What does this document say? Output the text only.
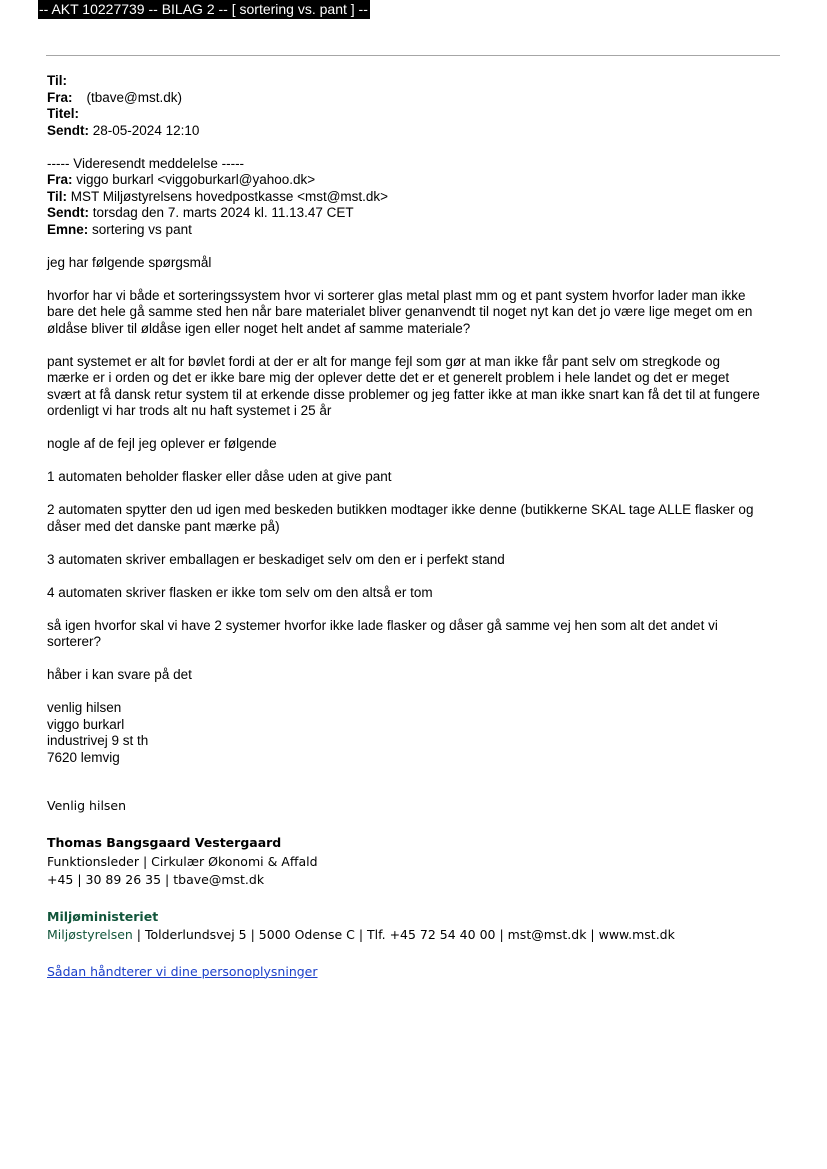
-- AKT 10227739 -- BILAG 2 -- [ sortering vs. pant ] --
Til:
Fra: (tbave@mst.dk)
Titel:
Sendt: 28-05-2024 12:10
----- Videresendt meddelelse -----
Fra: viggo burkarl <viggoburkarl@yahoo.dk>
Til: MST Miljøstyrelsens hovedpostkasse <mst@mst.dk>
Sendt: torsdag den 7. marts 2024 kl. 11.13.47 CET
Emne: sortering vs pant
jeg har følgende spørgsmål
hvorfor har vi både et sorteringssystem hvor vi sorterer glas metal plast mm og et pant system hvorfor lader man ikke
bare det hele gå samme sted hen når bare materialet bliver genanvendt til noget nyt kan det jo være lige meget om en
øldåse bliver til øldåse igen eller noget helt andet af samme materiale?
pant systemet er alt for bøvlet fordi at der er alt for mange fejl som gør at man ikke får pant selv om stregkode og
mærke er i orden og det er ikke bare mig der oplever dette det er et generelt problem i hele landet og det er meget
svært at få dansk retur system til at erkende disse problemer og jeg fatter ikke at man ikke snart kan få det til at fungere
ordenligt vi har trods alt nu haft systemet i 25 år
nogle af de fejl jeg oplever er følgende
1 automaten beholder flasker eller dåse uden at give pant
2 automaten spytter den ud igen med beskeden butikken modtager ikke denne (butikkerne SKAL tage ALLE flasker og
dåser med det danske pant mærke på)
3 automaten skriver emballagen er beskadiget selv om den er i perfekt stand
4 automaten skriver flasken er ikke tom selv om den altså er tom
så igen hvorfor skal vi have 2 systemer hvorfor ikke lade flasker og dåser gå samme vej hen som alt det andet vi
sorterer?
håber i kan svare på det
venlig hilsen
viggo burkarl
industrivej 9 st th
7620 lemvig
Venlig hilsen
Thomas Bangsgaard Vestergaard
Funktionsleder | Cirkulær Økonomi & Affald
+45 | 30 89 26 35 | tbave@mst.dk
Miljøministeriet
Miljøstyrelsen | Tolderlundsvej 5 | 5000 Odense C | Tlf. +45 72 54 40 00 | mst@mst.dk | www.mst.dk
Sådan håndterer vi dine personoplysninger
